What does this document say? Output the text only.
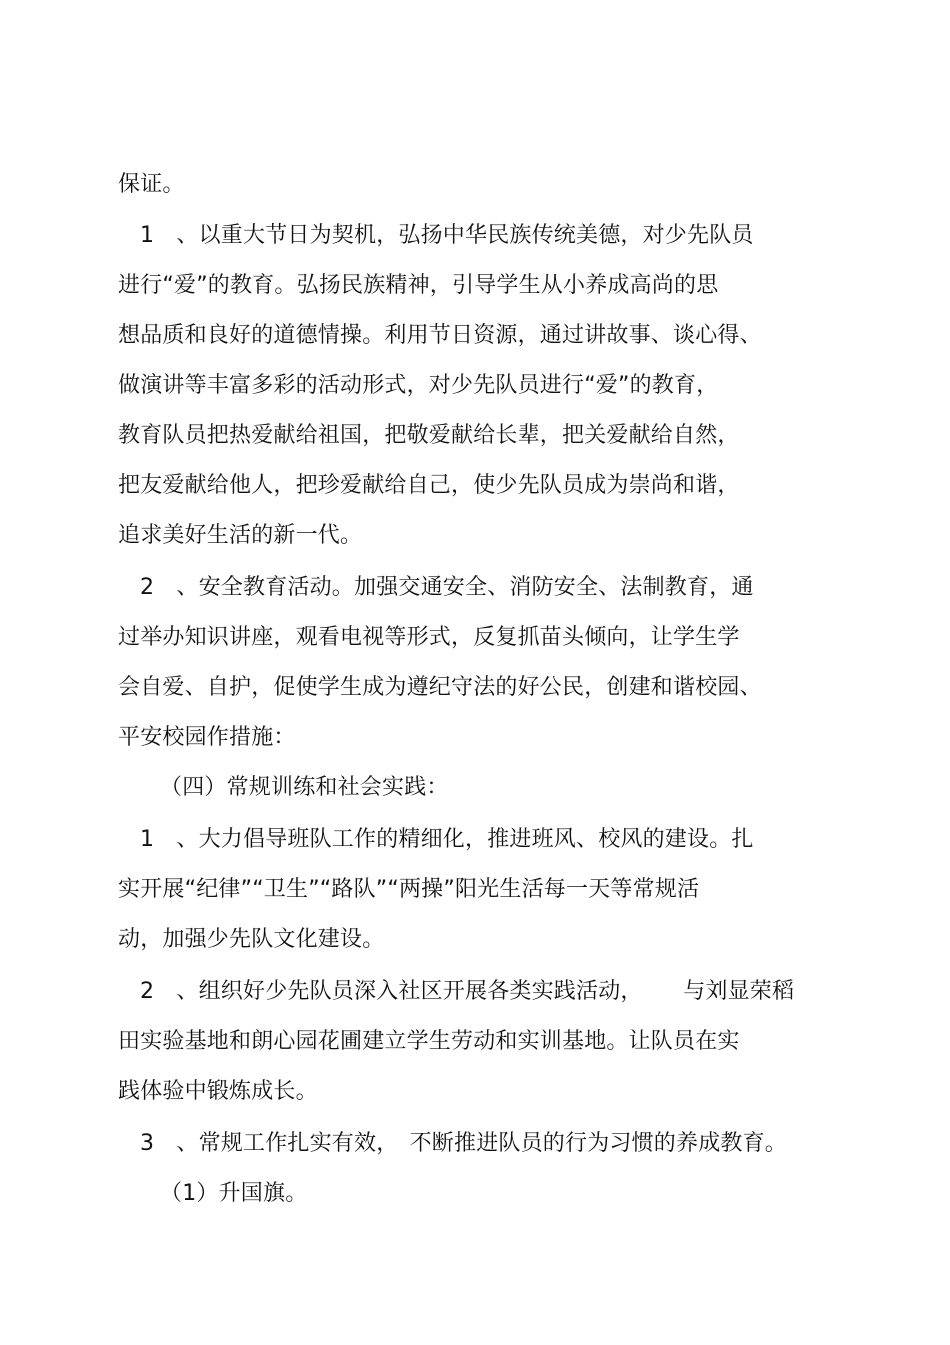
保证。
1　、以重大节日为契机，弘扬中华民族传统美德，对少先队员
进行“爱”的教育。弘扬民族精神，引导学生从小养成高尚的思
想品质和良好的道德情操。利用节日资源，通过讲故事、谈心得、
做演讲等丰富多彩的活动形式，对少先队员进行“爱”的教育，
教育队员把热爱献给祖国，把敬爱献给长辈，把关爱献给自然，
把友爱献给他人，把珍爱献给自己，使少先队员成为崇尚和谐，
追求美好生活的新一代。
2　、安全教育活动。加强交通安全、消防安全、法制教育，通
过举办知识讲座，观看电视等形式，反复抓苗头倾向，让学生学
会自爱、自护，促使学生成为遵纪守法的好公民，创建和谐校园、
平安校园作措施：
（四）常规训练和社会实践：
1　、大力倡导班队工作的精细化，推进班风、校风的建设。扎
实开展“纪律”“卫生”“路队”“两操”阳光生活每一天等常规活
动，加强少先队文化建设。
2　、组织好少先队员深入社区开展各类实践活动，　　 与刘显荣稻
田实验基地和朗心园花圃建立学生劳动和实训基地。让队员在实
践体验中锻炼成长。
3　、常规工作扎实有效，　不断推进队员的行为习惯的养成教育。
（1）升国旗。
